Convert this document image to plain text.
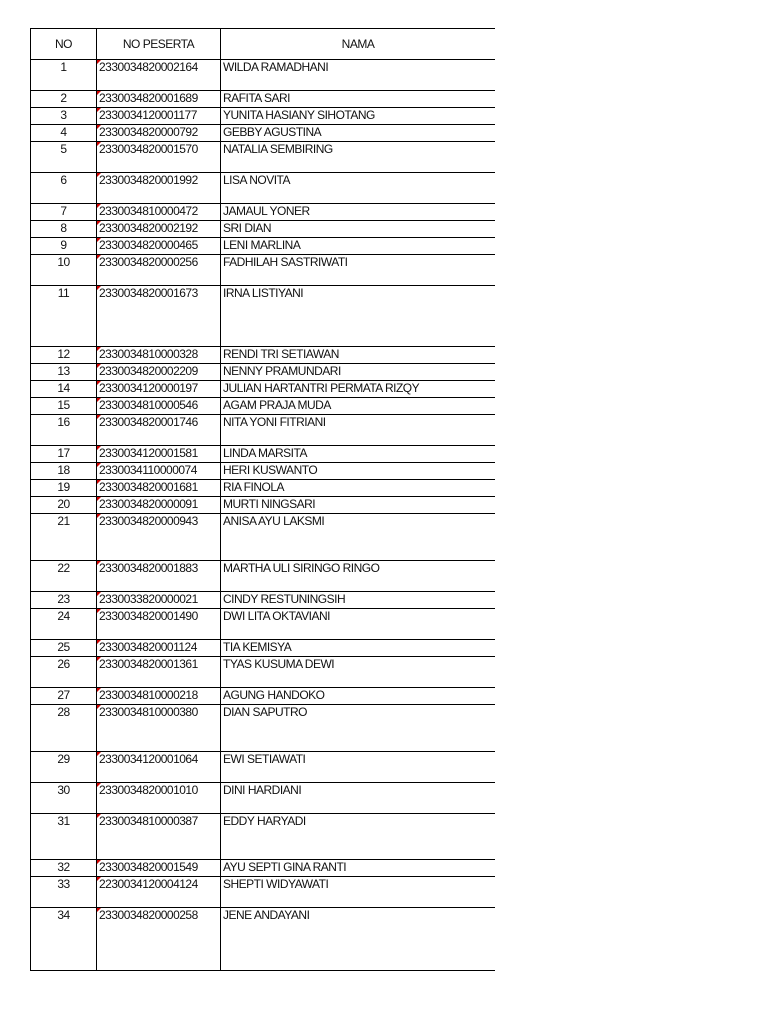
NO	NO PESERTA	NAMA
1	2330034820002164	WILDA RAMADHANI
2	2330034820001689	RAFITA SARI
3	2330034120001177	YUNITA HASIANY SIHOTANG
4	2330034820000792	GEBBY AGUSTINA
5	2330034820001570	NATALIA SEMBIRING
6	2330034820001992	LISA NOVITA
7	2330034810000472	JAMAUL YONER
8	2330034820002192	SRI DIAN
9	2330034820000465	LENI MARLINA
10	2330034820000256	FADHILAH SASTRIWATI
11	2330034820001673	IRNA LISTIYANI
12	2330034810000328	RENDI TRI SETIAWAN
13	2330034820002209	NENNY PRAMUNDARI
14	2330034120000197	JULIAN HARTANTRI PERMATA RIZQY
15	2330034810000546	AGAM PRAJA MUDA
16	2330034820001746	NITA YONI FITRIANI
17	2330034120001581	LINDA MARSITA
18	2330034110000074	HERI KUSWANTO
19	2330034820001681	RIA FINOLA
20	2330034820000091	MURTI NINGSARI
21	2330034820000943	ANISA AYU LAKSMI
22	2330034820001883	MARTHA ULI SIRINGO RINGO
23	2330033820000021	CINDY RESTUNINGSIH
24	2330034820001490	DWI LITA OKTAVIANI
25	2330034820001124	TIA KEMISYA
26	2330034820001361	TYAS KUSUMA DEWI
27	2330034810000218	AGUNG HANDOKO
28	2330034810000380	DIAN SAPUTRO
29	2330034120001064	EWI SETIAWATI
30	2330034820001010	DINI HARDIANI
31	2330034810000387	EDDY HARYADI
32	2330034820001549	AYU SEPTI GINA RANTI
33	2230034120004124	SHEPTI WIDYAWATI
34	2330034820000258	JENE ANDAYANI
